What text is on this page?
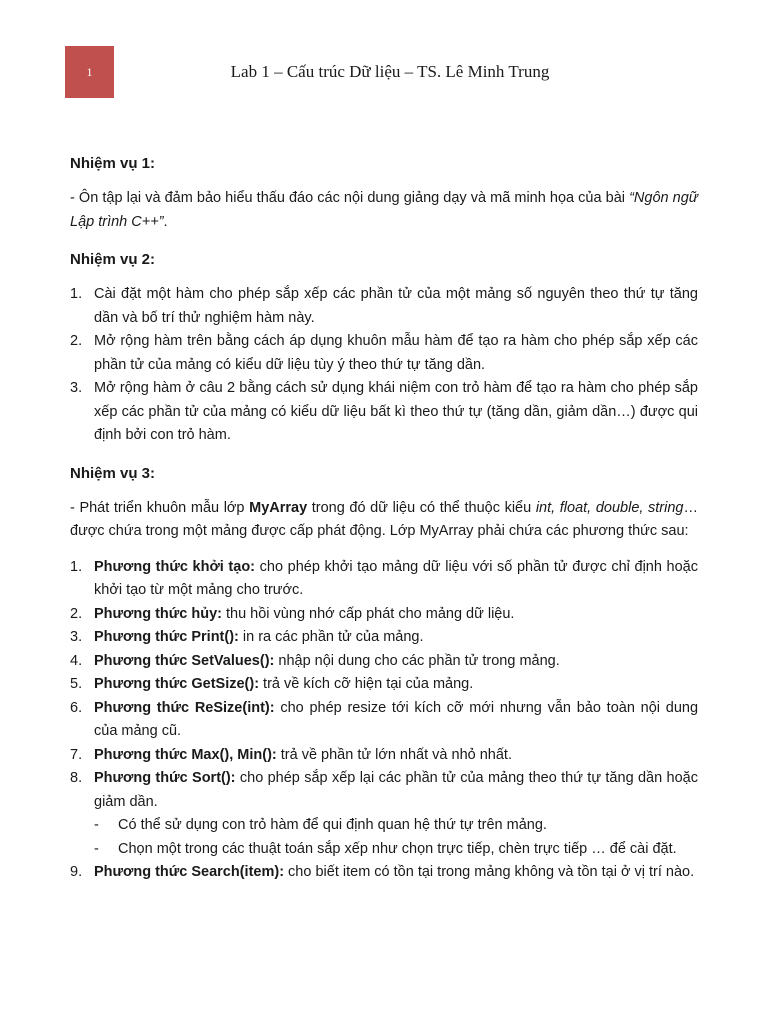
1	Lab 1 – Cấu trúc Dữ liệu – TS. Lê Minh Trung
Nhiệm vụ 1:

- Ôn tập lại và đảm bảo hiểu thấu đáo các nội dung giảng dạy và mã minh họa của bài “Ngôn ngữ Lập trình C++”.

Nhiệm vụ 2:
1. Cài đặt một hàm cho phép sắp xếp các phần tử của một mảng số nguyên theo thứ tự tăng dần và bố trí thử nghiệm hàm này.
2. Mở rộng hàm trên bằng cách áp dụng khuôn mẫu hàm để tạo ra hàm cho phép sắp xếp các phần tử của mảng có kiểu dữ liệu tùy ý theo thứ tự tăng dần.
3. Mở rộng hàm ở câu 2 bằng cách sử dụng khái niệm con trỏ hàm để tạo ra hàm cho phép sắp xếp các phần tử của mảng có kiểu dữ liệu bất kì theo thứ tự (tăng dần, giảm dần…) được qui định bởi con trỏ hàm.
Nhiệm vụ 3:

- Phát triển khuôn mẫu lớp MyArray trong đó dữ liệu có thể thuộc kiểu int, float, double, string… được chứa trong một mảng được cấp phát động. Lớp MyArray phải chứa các phương thức sau:

1. Phương thức khởi tạo: cho phép khởi tạo mảng dữ liệu với số phần tử được chỉ định hoặc khởi tạo từ một mảng cho trước.
2. Phương thức hủy: thu hồi vùng nhớ cấp phát cho mảng dữ liệu.
3. Phương thức Print(): in ra các phần tử của mảng.
4. Phương thức SetValues(): nhập nội dung cho các phần tử trong mảng.
5. Phương thức GetSize(): trả về kích cỡ hiện tại của mảng.
6. Phương thức ReSize(int): cho phép resize tới kích cỡ mới nhưng vẫn bảo toàn nội dung của mảng cũ.
7. Phương thức Max(), Min(): trả về phần tử lớn nhất và nhỏ nhất.
8. Phương thức Sort(): cho phép sắp xếp lại các phần tử của mảng theo thứ tự tăng dần hoặc giảm dần.
- Có thể sử dụng con trỏ hàm để qui định quan hệ thứ tự trên mảng.
- Chọn một trong các thuật toán sắp xếp như chọn trực tiếp, chèn trực tiếp … để cài đặt.
9. Phương thức Search(item): cho biết item có tồn tại trong mảng không và tồn tại ở vị trí nào.
